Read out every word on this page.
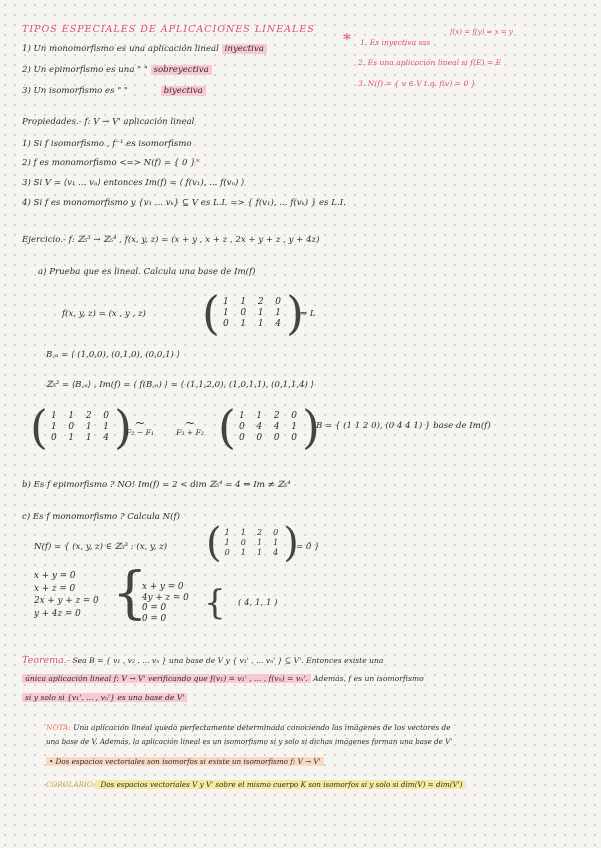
TIPOS ESPECIALES DE APLICACIONES LINEALES
1) Un monomorfismo es una aplicación lineal inyectiva
2) Un epimorfismo es una " " sobreyectiva
3) Un isomorfismo es " "	biyectiva
* 1. Es inyectiva sss
f(x) = f(y) ⇒ x = y
2. Es una aplicación lineal si f(E) = E
3. N(f) = { v ∈ V t.q. f(v) = 0 }
Propiedades.- f: V → V' aplicación lineal
1) Si f isomorfismo , f⁻¹ es isomorfismo
2) f es monomorfismo <=> N(f) = { 0 }*
3) Si V = ⟨v₁ ... vₙ⟩ entonces Im(f) = ⟨ f(v₁), ... f(vₙ) ⟩
4) Si f es monomorfismo y {v₁ ... vₖ} ⊆ V es L.I. => { f(v₁), ... f(vₖ) } es L.I.
Ejercicio.- f: ℤ₅³ → ℤ₅⁴ , f(x, y, z) = (x + y , x + z , 2x + y + z , y + 4z)
a) Prueba que es lineal. Calcula una base de Im(f)
f(x, y, z) = (x , y , z) ( 1  1  2  0
1  0  1  1
0  1  1  4 )
⇒ L
B꜀ₐ = ⟨ (1,0,0), (0,1,0), (0,0,1) ⟩
ℤ₅³ = ⟨B꜀ₐ⟩ , Im(f) = ⟨ f(B꜀ₐ) ⟩ = ⟨ (1,1,2,0), (1,0,1,1), (0,1,1,4) ⟩
( 1  1  2  0
1  0  1  1
0  1  1  4 ) ~
F₂ − F₁
~
F₃ + F₂ ( 1  1  2  0
0  4  4  1
0  0  0  0 )
B = { (1 1 2 0), (0 4 4 1) } base de Im(f)
b) Es f epimorfismo ? NO! Im(f) = 2 < dim ℤ₅⁴ = 4 ⇒ Im ≠ ℤ₅⁴
c) Es f monomorfismo ? Calcula N(f)
N(f) = { (x, y, z) ∈ ℤ₅³ : (x, y, z) ( 1  1  2  0
1  0  1  1
0  1  1  4 )
= 0̄ }
x + y = 0
x + z = 0
2x + y + z = 0
y + 4z = 0 {
x + y = 0
4y + z = 0
0 = 0
0 = 0	{ ( 4, 1, 1 )
Teorema.- Sea B = { v₁ , v₂ , ... vₙ } una base de V y { v₁' , ... vₙ' } ⊆ V'. Entonces existe una
única aplicación lineal f: V → V' verificando que f(v₁) = v₁' , ... , f(vₙ) = vₙ'. Además, f es un isomorfismo
si y solo si {v₁', ... , vₙ'} es una base de V'
NOTA: Una aplicación lineal queda perfectamente determinada conociendo las imágenes de los vectores de
una base de V. Además, la aplicación lineal es un isomorfismo si y solo si dichas imágenes forman una base de V'
• Dos espacios vectoriales son isomorfos si existe un isomorfismo f: V → V'
COROLARIO: Dos espacios vectoriales V y V' sobre el mismo cuerpo K son isomorfos si y solo si dim(V) = dim(V')
